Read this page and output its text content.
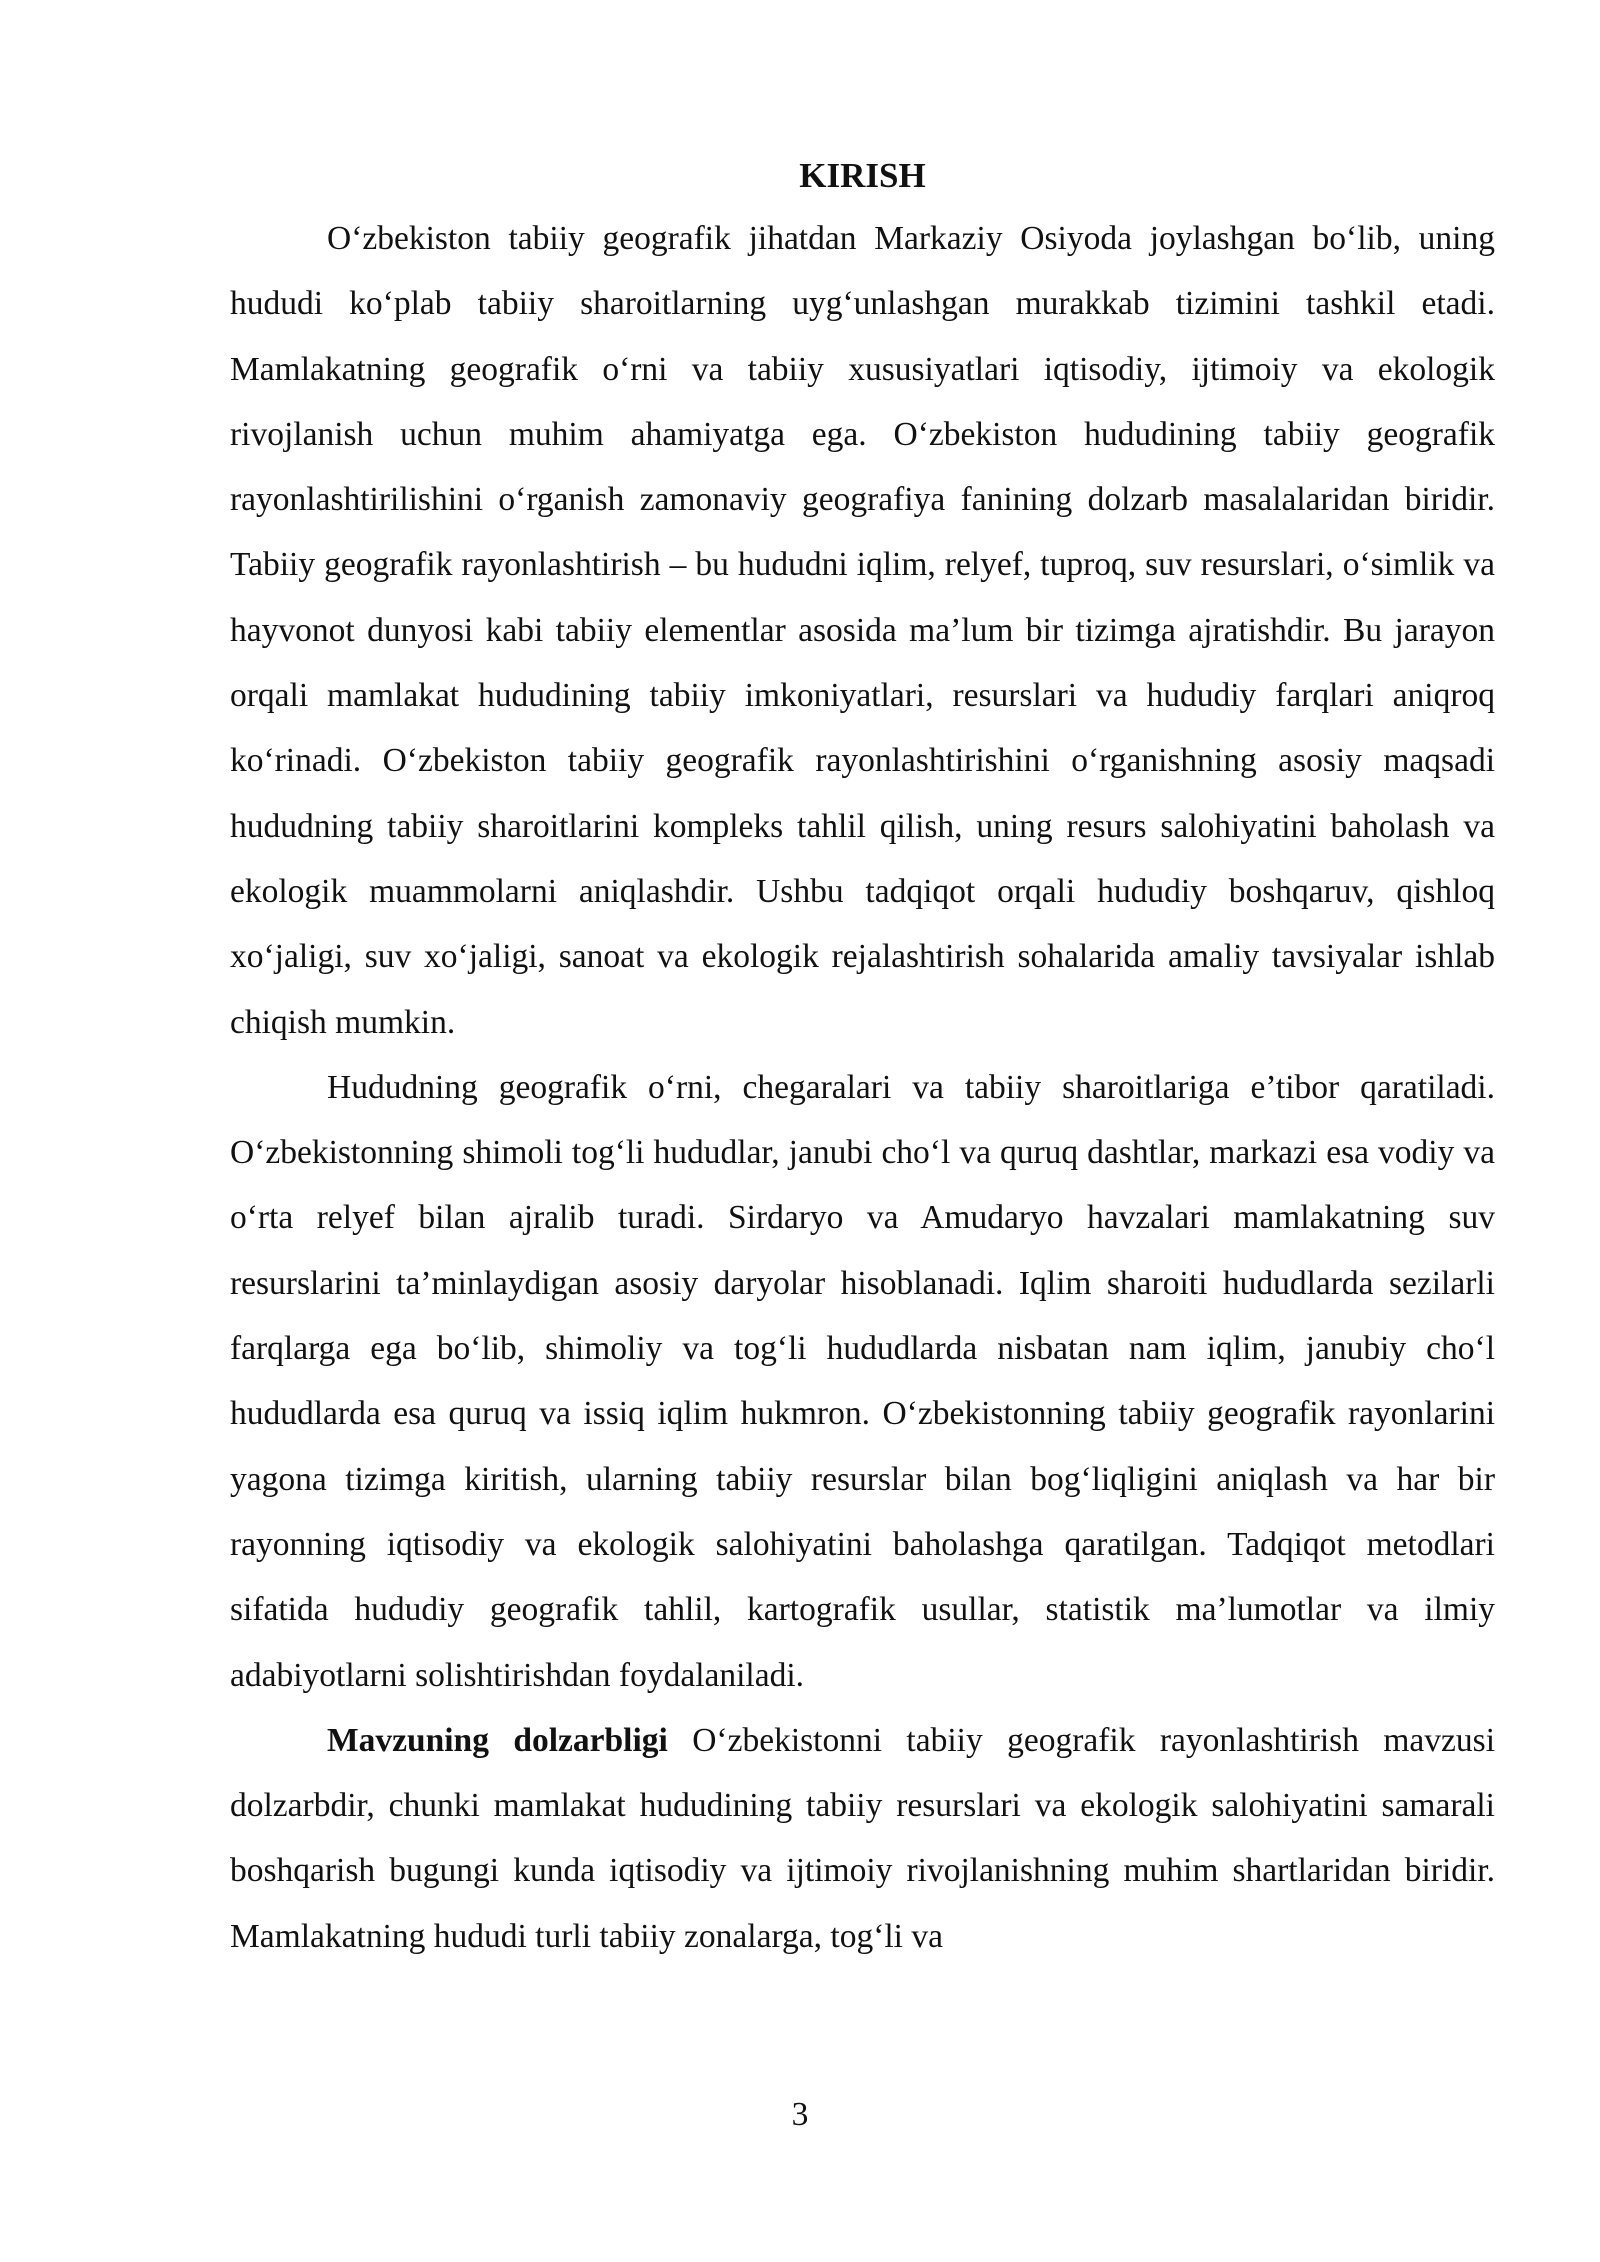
KIRISH

O‘zbekiston tabiiy geografik jihatdan Markaziy Osiyoda joylashgan bo‘lib, uning hududi ko‘plab tabiiy sharoitlarning uyg‘unlashgan murakkab tizimini tashkil etadi. Mamlakatning geografik o‘rni va tabiiy xususiyatlari iqtisodiy, ijtimoiy va ekologik rivojlanish uchun muhim ahamiyatga ega. O‘zbekiston hududining tabiiy geografik rayonlashtirilishini o‘rganish zamonaviy geografiya fanining dolzarb masalalaridan biridir. Tabiiy geografik rayonlashtirish – bu hududni iqlim, relyef, tuproq, suv resurslari, o‘simlik va hayvonot dunyosi kabi tabiiy elementlar asosida ma’lum bir tizimga ajratishdir. Bu jarayon orqali mamlakat hududining tabiiy imkoniyatlari, resurslari va hududiy farqlari aniqroq ko‘rinadi. O‘zbekiston tabiiy geografik rayonlashtirishini o‘rganishning asosiy maqsadi hududning tabiiy sharoitlarini kompleks tahlil qilish, uning resurs salohiyatini baholash va ekologik muammolarni aniqlashdir. Ushbu tadqiqot orqali hududiy boshqaruv, qishloq xo‘jaligi, suv xo‘jaligi, sanoat va ekologik rejalashtirish sohalarida amaliy tavsiyalar ishlab chiqish mumkin.

Hududning geografik o‘rni, chegaralari va tabiiy sharoitlariga e’tibor qaratiladi. O‘zbekistonning shimoli tog‘li hududlar, janubi cho‘l va quruq dashtlar, markazi esa vodiy va o‘rta relyef bilan ajralib turadi. Sirdaryo va Amudaryo havzalari mamlakatning suv resurslarini ta’minlaydigan asosiy daryolar hisoblanadi. Iqlim sharoiti hududlarda sezilarli farqlarga ega bo‘lib, shimoliy va tog‘li hududlarda nisbatan nam iqlim, janubiy cho‘l hududlarda esa quruq va issiq iqlim hukmron. O‘zbekistonning tabiiy geografik rayonlarini yagona tizimga kiritish, ularning tabiiy resurslar bilan bog‘liqligini aniqlash va har bir rayonning iqtisodiy va ekologik salohiyatini baholashga qaratilgan. Tadqiqot metodlari sifatida hududiy geografik tahlil, kartografik usullar, statistik ma’lumotlar va ilmiy adabiyotlarni solishtirishdan foydalaniladi.

Mavzuning dolzarbligi O‘zbekistonni tabiiy geografik rayonlashtirish mavzusi dolzarbdir, chunki mamlakat hududining tabiiy resurslari va ekologik salohiyatini samarali boshqarish bugungi kunda iqtisodiy va ijtimoiy rivojlanishning muhim shartlaridan biridir. Mamlakatning hududi turli tabiiy zonalarga, tog‘li va

3
